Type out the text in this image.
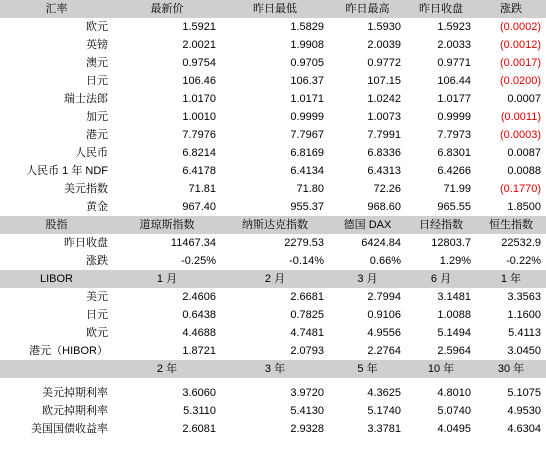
汇率	最新价	昨日最低	昨日最高	昨日收盘	涨跌
欧元	1.5921	1.5829	1.5930	1.5923	(0.0002)
英镑	2.0021	1.9908	2.0039	2.0033	(0.0012)
澳元	0.9754	0.9705	0.9772	0.9771	(0.0017)
日元	106.46	106.37	107.15	106.44	(0.0200)
瑞士法郎	1.0170	1.0171	1.0242	1.0177	0.0007
加元	1.0010	0.9999	1.0073	0.9999	(0.0011)
港元	7.7976	7.7967	7.7991	7.7973	(0.0003)
人民币	6.8214	6.8169	6.8336	6.8301	0.0087
人民币 1 年 NDF	6.4178	6.4134	6.4313	6.4266	0.0088
美元指数	71.81	71.80	72.26	71.99	(0.1770)
黄金	967.40	955.37	968.60	965.55	1.8500
股指	道琼斯指数	纳斯达克指数	德国 DAX	日经指数	恒生指数
昨日收盘	11467.34	2279.53	6424.84	12803.7	22532.9
涨跌	-0.25%	-0.14%	0.66%	1.29%	-0.22%
LIBOR	1 月	2 月	3 月	6 月	1 年
美元	2.4606	2.6681	2.7994	3.1481	3.3563
日元	0.6438	0.7825	0.9106	1.0088	1.1600
欧元	4.4688	4.7481	4.9556	5.1494	5.4113
港元（HIBOR）	1.8721	2.0793	2.2764	2.5964	3.0450
	2 年	3 年	5 年	10 年	30 年

美元掉期利率	3.6060	3.9720	4.3625	4.8010	5.1075
欧元掉期利率	5.3110	5.4130	5.1740	5.0740	4.9530
美国国债收益率	2.6081	2.9328	3.3781	4.0495	4.6304
